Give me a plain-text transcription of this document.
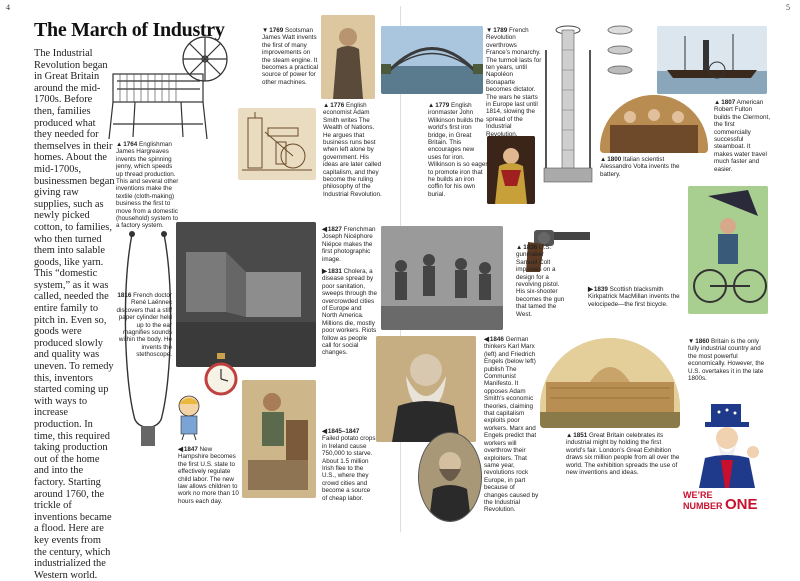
4	5
The March of Industry
The Industrial Revolution began in Great Britain around the mid-1700s. Before then, families produced what they needed for themselves in their homes. About the mid-1700s, businessmen began giving raw supplies, such as newly picked cotton, to families, who then turned them into salable goods, like yarn. This “domestic system,” as it was called, needed the entire family to pitch in. Even so, goods were produced slowly and quality was uneven. To remedy this, inventors started coming up with ways to increase production. In time, this required taking production out of the home and into the factory. Starting around 1760, the trickle of inventions became a flood. Here are key events from the century, which industrialized the Western world.
WE’RE
NUMBER ONE
▲1764 Englishman James Hargreaves invents the spinning jenny, which speeds up thread production. This and several other inventions make the textile (cloth-making) business the first to move from a domestic (household) system to a factory system.
▼1769 Scotsman James Watt invents the first of many improvements on the steam engine. It becomes a practical source of power for other machines.
▲1776 English economist Adam Smith writes The Wealth of Nations. He argues that business runs best when left alone by government. His ideas are later called capitalism, and they become the ruling philosophy of the Industrial Revolution.
▲1779 English ironmaster John Wilkinson builds the world’s first iron bridge, in Great Britain. This encourages new uses for iron. Wilkinson is so eager to promote iron that he builds an iron coffin for his own burial.
▼1789 French Revolution overthrows France’s monarchy. The turmoil lasts for ten years, until Napoléon Bonaparte becomes dictator. The wars he starts in Europe last until 1814, slowing the spread of the Industrial Revolution.
▲1800 Italian scientist Alessandro Volta invents the battery.
▲1807 American Robert Fulton builds the Clermont, the first commercially successful steamboat. It makes water travel much faster and easier.
1816 French doctor René Laënnec discovers that a stiff paper cylinder held up to the ear magnifies sounds within the body. He invents the stethoscope.
◀1827 Frenchman Joseph Nicéphore Niépce makes the first photographic image.
▶1831 Cholera, a disease spread by poor sanitation, sweeps through the overcrowded cities of Europe and North America. Millions die, mostly poor workers. Riots follow as people call for social changes.
▲1836 U.S. gunmaker Samuel Colt improves on a design for a revolving pistol. His six-shooter becomes the gun that tamed the West.
▶1839 Scottish blacksmith Kirkpatrick MacMillan invents the velocipede—the first bicycle.
◀1846 German thinkers Karl Marx (left) and Friedrich Engels (below left) publish The Communist Manifesto. It opposes Adam Smith’s economic theories, claiming that capitalism exploits poor workers. Marx and Engels predict that workers will overthrow their exploiters. That same year, revolutions rock Europe, in part because of changes caused by the Industrial Revolution.
◀1847 New Hampshire becomes the first U.S. state to effectively regulate child labor. The new law allows children to work no more than 10 hours each day.
◀1845–1847 Failed potato crops in Ireland cause 750,000 to starve. About 1.5 million Irish flee to the U.S., where they crowd cities and become a source of cheap labor.
▲1851 Great Britain celebrates its industrial might by holding the first world’s fair. London’s Great Exhibition draws six million people from all over the world. The exhibition spreads the use of new inventions and ideas.
▼1860 Britain is the only fully industrial country and the most powerful economically. However, the U.S. overtakes it in the late 1800s.
